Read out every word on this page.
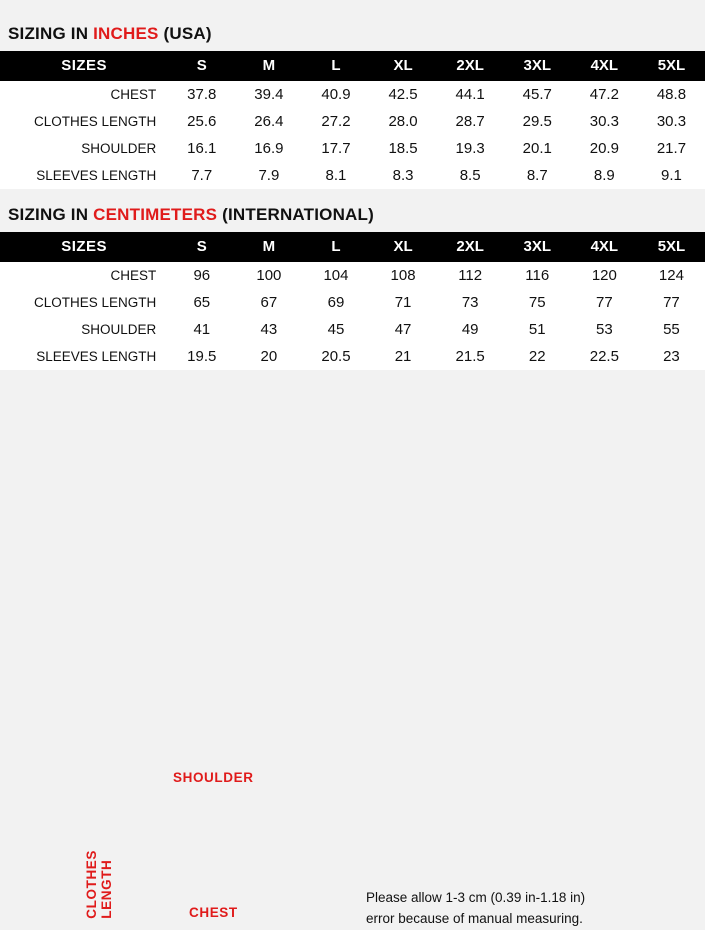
SIZING IN INCHES (USA)
SIZES	S	M	L	XL	2XL	3XL	4XL	5XL
CHEST	37.8	39.4	40.9	42.5	44.1	45.7	47.2	48.8
CLOTHES LENGTH	25.6	26.4	27.2	28.0	28.7	29.5	30.3	30.3
SHOULDER	16.1	16.9	17.7	18.5	19.3	20.1	20.9	21.7
SLEEVES LENGTH	7.7	7.9	8.1	8.3	8.5	8.7	8.9	9.1
SIZING IN CENTIMETERS (INTERNATIONAL)
SIZES	S	M	L	XL	2XL	3XL	4XL	5XL
CHEST	96	100	104	108	112	116	120	124
CLOTHES LENGTH	65	67	69	71	73	75	77	77
SHOULDER	41	43	45	47	49	51	53	55
SLEEVES LENGTH	19.5	20	20.5	21	21.5	22	22.5	23
SHOULDER
CHEST
CLOTHES LENGTH	Please allow 1-3 cm (0.39 in-1.18 in)
error because of manual measuring.
